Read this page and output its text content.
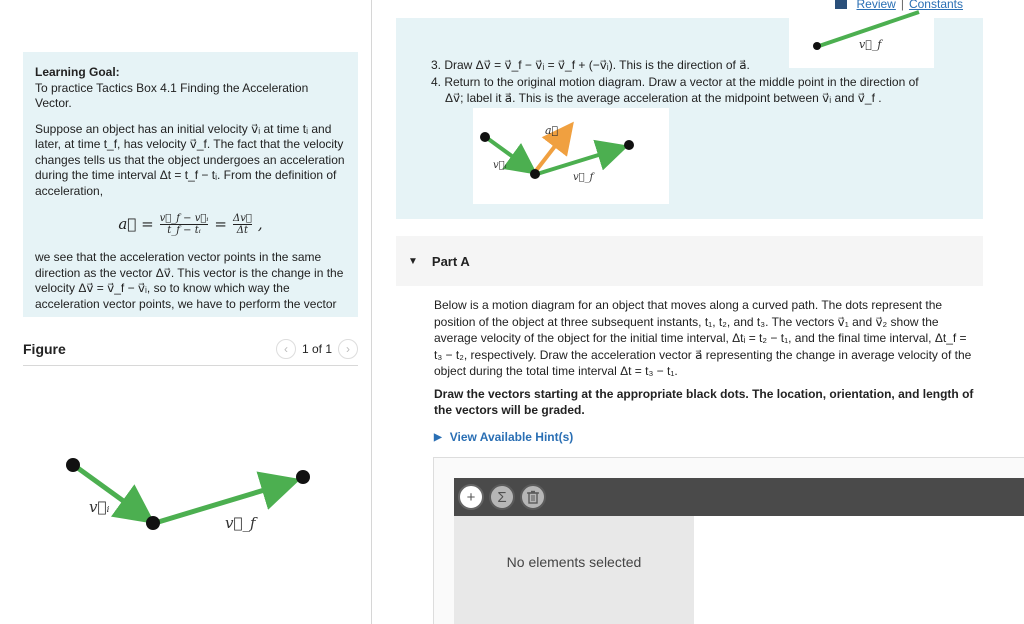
Learning Goal:

To practice Tactics Box 4.1 Finding the Acceleration Vector.

Suppose an object has an initial velocity v⃗ᵢ at time tᵢ and later, at time t_f, has velocity v⃗_f. The fact that the velocity changes tells us that the object undergoes an acceleration during the time interval Δt = t_f − tᵢ. From the definition of acceleration,

a⃗ = $\frac{\text{v⃗\_f − v⃗ᵢ}}{\text{t\_f − tᵢ}} = \frac{\Delta v⃗}{\Delta t}$ ,

we see that the acceleration vector points in the same direction as the vector Δv⃗. This vector is the change in the velocity Δv⃗ = v⃗_f − v⃗ᵢ, so to know which way the acceleration vector points, we have to perform the vector

Figure	‹	1 of 1	›
v⃗ᵢ
v⃗_f
v⃗_f
Review | Constants
3. Draw Δv⃗ = v⃗_f − v⃗ᵢ = v⃗_f + (−v⃗ᵢ). This is the direction of a⃗.
4. Return to the original motion diagram. Draw a vector at the middle point in the direction of
Δv⃗; label it a⃗. This is the average acceleration at the midpoint between v⃗ᵢ and v⃗_f .
a⃗
v⃗ᵢ
v⃗_f
▼ Part A
Below is a motion diagram for an object that moves along a curved path. The dots represent the position of the object at three subsequent instants, t₁, t₂, and t₃. The vectors v⃗₁ and v⃗₂ show the average velocity of the object for the initial time interval, Δtᵢ = t₂ − t₁, and the final time interval, Δt_f = t₃ − t₂, respectively. Draw the acceleration vector a⃗ representing the change in average velocity of the object during the total time interval Δt = t₃ − t₁.
Draw the vectors starting at the appropriate black dots. The location, orientation, and length of the vectors will be graded.
▶ View Available Hint(s)
+	Σ
No elements selected
